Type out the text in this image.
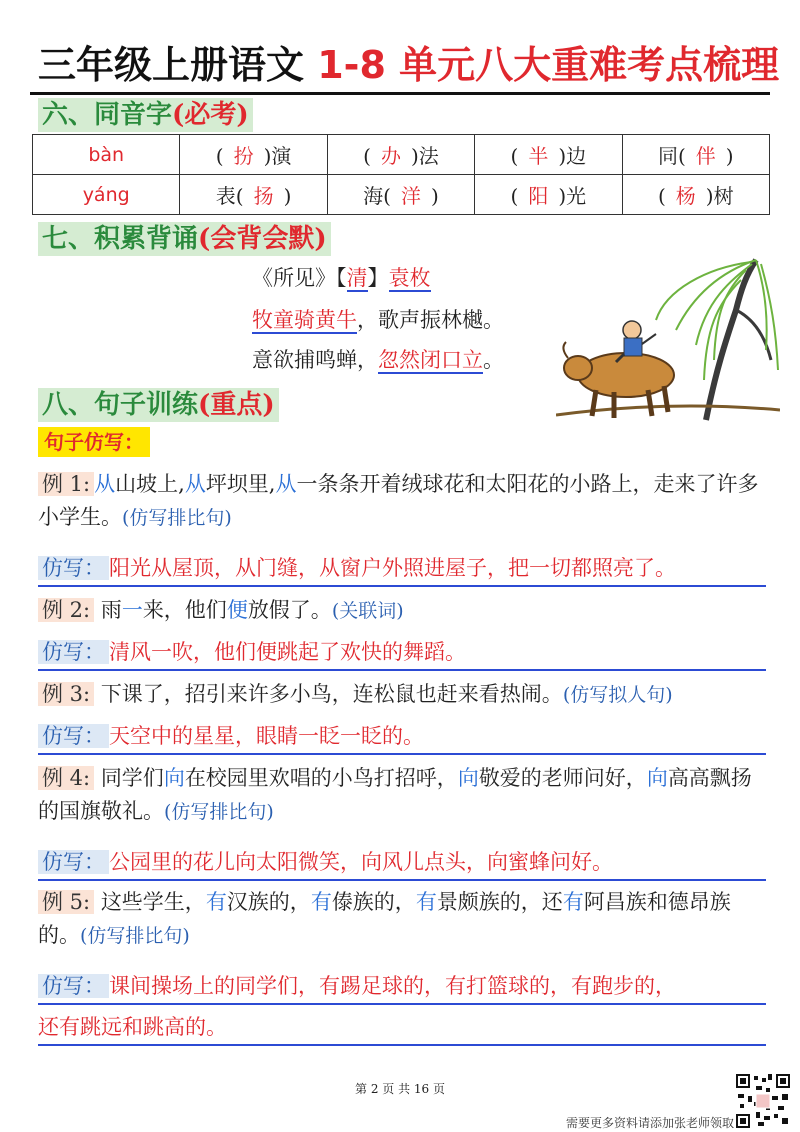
三年级上册语文 1-8 单元八大重难考点梳理
六、同音字(必考)
bàn	( 扮 )演	( 办 )法	( 半 )边	同( 伴 )
yáng	表( 扬 )	海( 洋 )	( 阳 )光	( 杨 )树
七、积累背诵(会背会默)
《所见》【清】袁枚
牧童骑黄牛，歌声振林樾。
意欲捕鸣蝉，忽然闭口立。
八、句子训练(重点)
句子仿写：
例 1: 从山坡上,从坪坝里,从一条条开着绒球花和太阳花的小路上，走来了许多小学生。(仿写排比句)
仿写： 阳光从屋顶，从门缝，从窗户外照进屋子，把一切都照亮了。
例 2: 雨一来，他们便放假了。(关联词)
仿写： 清风一吹，他们便跳起了欢快的舞蹈。
例 3: 下课了，招引来许多小鸟，连松鼠也赶来看热闹。(仿写拟人句)
仿写： 天空中的星星，眼睛一眨一眨的。
例 4: 同学们向在校园里欢唱的小鸟打招呼，向敬爱的老师问好，向高高飘扬的国旗敬礼。(仿写排比句)
仿写： 公园里的花儿向太阳微笑，向风儿点头，向蜜蜂问好。
例 5: 这些学生，有汉族的，有傣族的，有景颇族的，还有阿昌族和德昂族的。(仿写排比句)
仿写： 课间操场上的同学们，有踢足球的，有打篮球的，有跑步的，
还有跳远和跳高的。
第 2 页 共 16 页
需要更多资料请添加张老师领取
